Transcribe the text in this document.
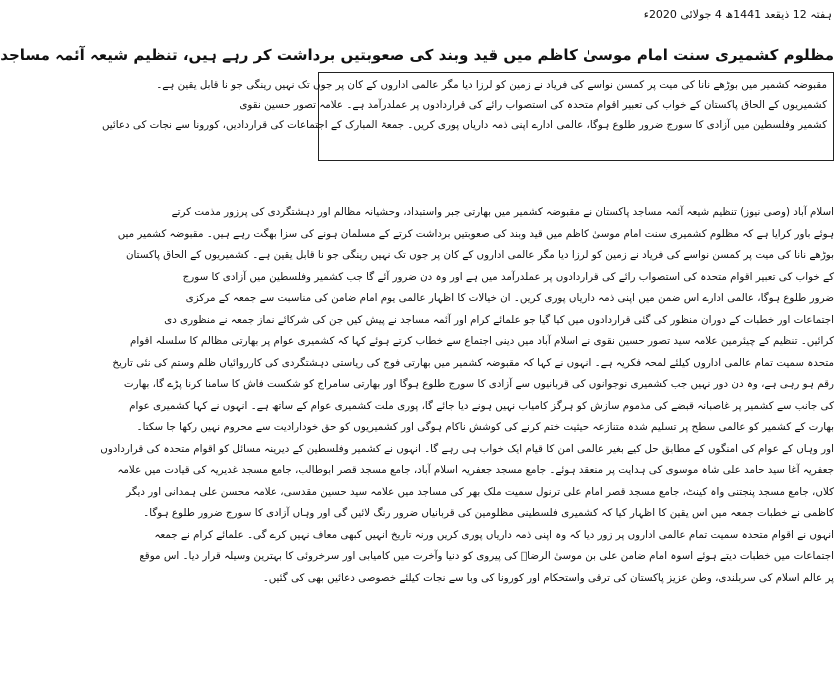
ہفتہ 12 ذیقعد 1441ھ 4 جولائی 2020ء
مظلوم کشمیری سنت امام موسیٰ کاظم میں قید وبند کی صعوبتیں برداشت کر رہے ہیں، تنظیم شیعہ آئمہ مساجد

مقبوضہ کشمیر میں بوڑھے نانا کی میت پر کمسن نواسے کی فریاد نے زمین کو لرزا دیا مگر عالمی اداروں کے کان پر جوں تک نہیں رینگی جو نا قابل یقین ہے۔

کشمیریوں کے الحاق پاکستان کے خواب کی تعبیر اقوام متحدہ کی استصواب رائے کی قراردادوں پر عملدرآمد ہے۔ علامہ تصور حسین نقوی

کشمیر وفلسطین میں آزادی کا سورج ضرور طلوع ہوگا، عالمی ادارے اپنی ذمہ داریاں پوری کریں۔ جمعۃ المبارک کے اجتماعات کی قراردادیں، کورونا سے نجات کی دعائیں

اسلام آباد (وصی نیوز) تنظیم شیعہ آئمہ مساجد پاکستان نے مقبوضہ کشمیر میں بھارتی جبر واستبداد، وحشیانہ مظالم اور دہشتگردی کی پرزور مذمت کرتے

ہوئے باور کرایا ہے کہ مظلوم کشمیری سنت امام موسیٰ کاظم میں قید وبند کی صعوبتیں برداشت کرتے کے مسلمان ہونے کی سزا بھگت رہے ہیں۔ مقبوضہ کشمیر میں

بوڑھے نانا کی میت پر کمسن نواسے کی فریاد نے زمین کو لرزا دیا مگر عالمی اداروں کے کان پر جوں تک نہیں رینگی جو نا قابل یقین ہے۔ کشمیریوں کے الحاق پاکستان

کے خواب کی تعبیر اقوام متحدہ کی استصواب رائے کی قراردادوں پر عملدرآمد میں ہے اور وہ دن ضرور آئے گا جب کشمیر وفلسطین میں آزادی کا سورج

ضرور طلوع ہوگا، عالمی ادارے اس ضمن میں اپنی ذمہ داریاں پوری کریں۔ ان خیالات کا اظہار عالمی یوم امام ضامن کی مناسبت سے جمعہ کے مرکزی

اجتماعات اور خطبات کے دوران منظور کی گئی قراردادوں میں کیا گیا جو علمائے کرام اور آئمہ مساجد نے پیش کیں جن کی شرکائے نماز جمعہ نے منظوری دی

کرائیں۔ تنظیم کے چیئرمین علامہ سید تصور حسین نقوی نے اسلام آباد میں دینی اجتماع سے خطاب کرتے ہوئے کہا کہ کشمیری عوام پر بھارتی مظالم کا سلسلہ اقوام

متحدہ سمیت تمام عالمی اداروں کیلئے لمحہ فکریہ ہے۔ انہوں نے کہا کہ مقبوضہ کشمیر میں بھارتی فوج کی ریاستی دہشتگردی کی کارروائیاں ظلم وستم کی نئی تاریخ

رقم ہو رہی ہے، وہ دن دور نہیں جب کشمیری نوجوانوں کی قربانیوں سے آزادی کا سورج طلوع ہوگا اور بھارتی سامراج کو شکست فاش کا سامنا کرنا پڑے گا، بھارت

کی جانب سے کشمیر پر غاصبانہ قبضے کی مذموم سازش کو ہرگز کامیاب نہیں ہونے دیا جائے گا، پوری ملت کشمیری عوام کے ساتھ ہے۔ انہوں نے کہا کشمیری عوام

بھارت کے کشمیر کو عالمی سطح پر تسلیم شدہ متنازعہ حیثیت ختم کرنے کی کوشش ناکام ہوگی اور کشمیریوں کو حق خودارادیت سے محروم نہیں رکھا جا سکتا۔

اور وہاں کے عوام کی امنگوں کے مطابق حل کیے بغیر عالمی امن کا قیام ایک خواب ہی رہے گا۔ انہوں نے کشمیر وفلسطین کے دیرینہ مسائل کو اقوام متحدہ کی قراردادوں

جعفریہ آغا سید حامد علی شاہ موسوی کی ہدایت پر منعقد ہوئے۔ جامع مسجد جعفریہ اسلام آباد، جامع مسجد قصر ابوطالب، جامع مسجد غدیریہ کی قیادت میں علامہ

کلاں، جامع مسجد پنجتنی واہ کینٹ، جامع مسجد قصر امام علی ترنول سمیت ملک بھر کی مساجد میں علامہ سید حسین مقدسی، علامہ محسن علی ہمدانی اور دیگر

کاظمی نے خطبات جمعہ میں اس یقین کا اظہار کیا کہ کشمیری فلسطینی مظلومین کی قربانیاں ضرور رنگ لائیں گی اور وہاں آزادی کا سورج ضرور طلوع ہوگا۔

انہوں نے اقوام متحدہ سمیت تمام عالمی اداروں پر زور دیا کہ وہ اپنی ذمہ داریاں پوری کریں ورنہ تاریخ انہیں کبھی معاف نہیں کرے گی۔ علمائے کرام نے جمعہ

اجتماعات میں خطبات دیتے ہوئے اسوہ امام ضامن علی بن موسیٰ الرضاؑ کی پیروی کو دنیا وآخرت میں کامیابی اور سرخروئی کا بہترین وسیلہ قرار دیا۔ اس موقع

پر عالم اسلام کی سربلندی، وطن عزیز پاکستان کی ترقی واستحکام اور کورونا کی وبا سے نجات کیلئے خصوصی دعائیں بھی کی گئیں۔
